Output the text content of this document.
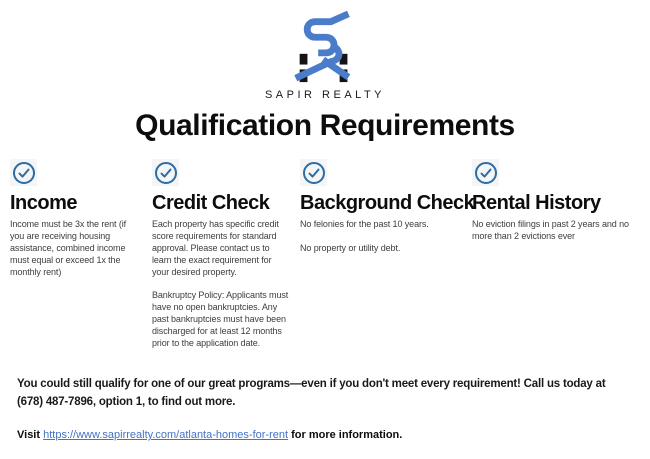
SAPIR REALTY
Qualification Requirements
Income

Income must be 3x the rent (if you are receiving housing assistance, combined income must equal or exceed 1x the monthly rent)

Credit Check

Each property has specific credit score requirements for standard approval. Please contact us to learn the exact requirement for your desired property.

Bankruptcy Policy: Applicants must have no open bankruptcies. Any past bankruptcies must have been discharged for at least 12 months prior to the application date.

Background Check

No felonies for the past 10 years.

No property or utility debt.

Rental History

No eviction filings in past 2 years and no more than 2 evictions ever

You could still qualify for one of our great programs—even if you don't meet every requirement! Call us today at (678) 487-7896, option 1, to find out more.

Visit https://www.sapirrealty.com/atlanta-homes-for-rent for more information.
